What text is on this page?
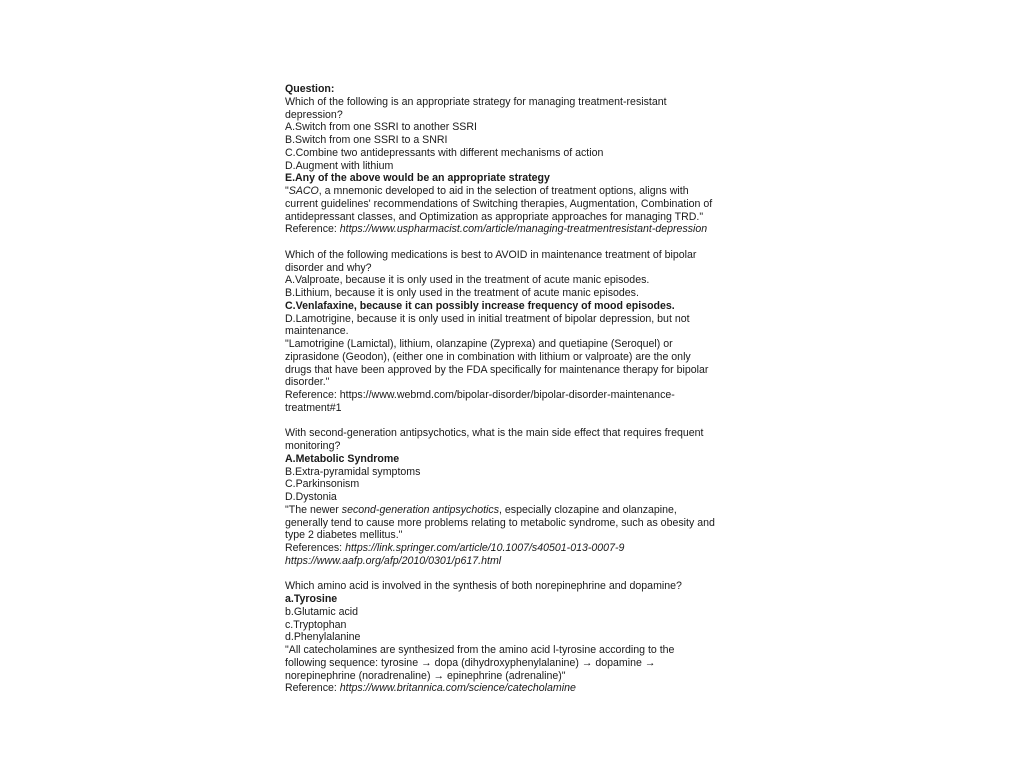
Question:
Which of the following is an appropriate strategy for managing treatment-resistant
depression?
A.Switch from one SSRI to another SSRI
B.Switch from one SSRI to a SNRI
C.Combine two antidepressants with different mechanisms of action
D.Augment with lithium
E.Any of the above would be an appropriate strategy
"SACO, a mnemonic developed to aid in the selection of treatment options, aligns with
current guidelines' recommendations of Switching therapies, Augmentation, Combination of
antidepressant classes, and Optimization as appropriate approaches for managing TRD."
Reference: https://www.uspharmacist.com/article/managing-treatmentresistant-depression
Which of the following medications is best to AVOID in maintenance treatment of bipolar
disorder and why?
A.Valproate, because it is only used in the treatment of acute manic episodes.
B.Lithium, because it is only used in the treatment of acute manic episodes.
C.Venlafaxine, because it can possibly increase frequency of mood episodes.
D.Lamotrigine, because it is only used in initial treatment of bipolar depression, but not
maintenance.
"Lamotrigine (Lamictal), lithium, olanzapine (Zyprexa) and quetiapine (Seroquel) or
ziprasidone (Geodon), (either one in combination with lithium or valproate) are the only
drugs that have been approved by the FDA specifically for maintenance therapy for bipolar
disorder."
Reference: https://www.webmd.com/bipolar-disorder/bipolar-disorder-maintenance-
treatment#1
With second-generation antipsychotics, what is the main side effect that requires frequent
monitoring?
A.Metabolic Syndrome
B.Extra-pyramidal symptoms
C.Parkinsonism
D.Dystonia
"The newer second-generation antipsychotics, especially clozapine and olanzapine,
generally tend to cause more problems relating to metabolic syndrome, such as obesity and
type 2 diabetes mellitus."
References: https://link.springer.com/article/10.1007/s40501-013-0007-9
https://www.aafp.org/afp/2010/0301/p617.html
Which amino acid is involved in the synthesis of both norepinephrine and dopamine?
a.Tyrosine
b.Glutamic acid
c.Tryptophan
d.Phenylalanine
"All catecholamines are synthesized from the amino acid l-tyrosine according to the
following sequence: tyrosine → dopa (dihydroxyphenylalanine) → dopamine →
norepinephrine (noradrenaline) → epinephrine (adrenaline)"
Reference: https://www.britannica.com/science/catecholamine
